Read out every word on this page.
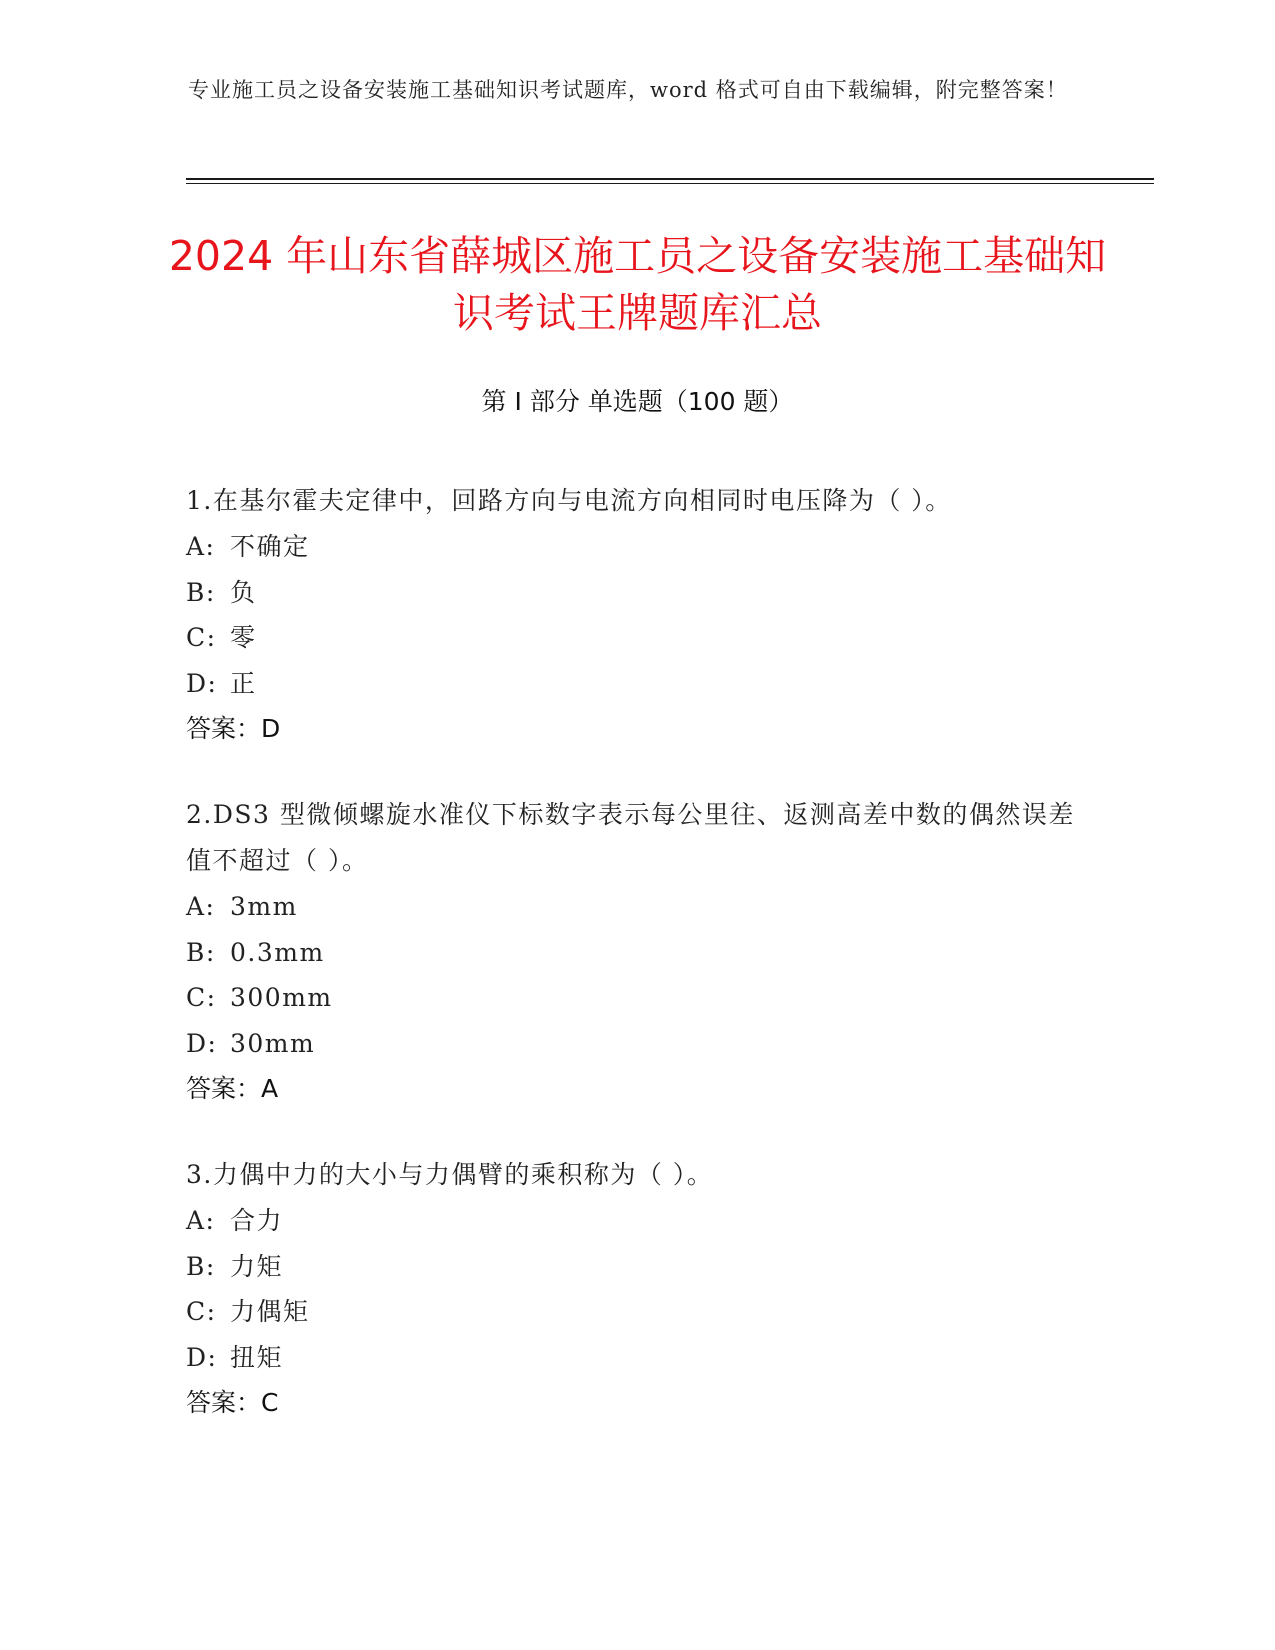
专业施工员之设备安装施工基础知识考试题库，word 格式可自由下载编辑，附完整答案！
2024 年山东省薛城区施工员之设备安装施工基础知识考试王牌题库汇总
第 I 部分 单选题（100 题）
1.在基尔霍夫定律中，回路方向与电流方向相同时电压降为（ ）。
A: 不确定
B: 负
C: 零
D: 正
答案：D
2.DS3 型微倾螺旋水准仪下标数字表示每公里往、返测高差中数的偶然误差值不超过（ ）。
A: 3mm
B: 0.3mm
C: 300mm
D: 30mm
答案：A
3.力偶中力的大小与力偶臂的乘积称为（ ）。
A: 合力
B: 力矩
C: 力偶矩
D: 扭矩
答案：C
